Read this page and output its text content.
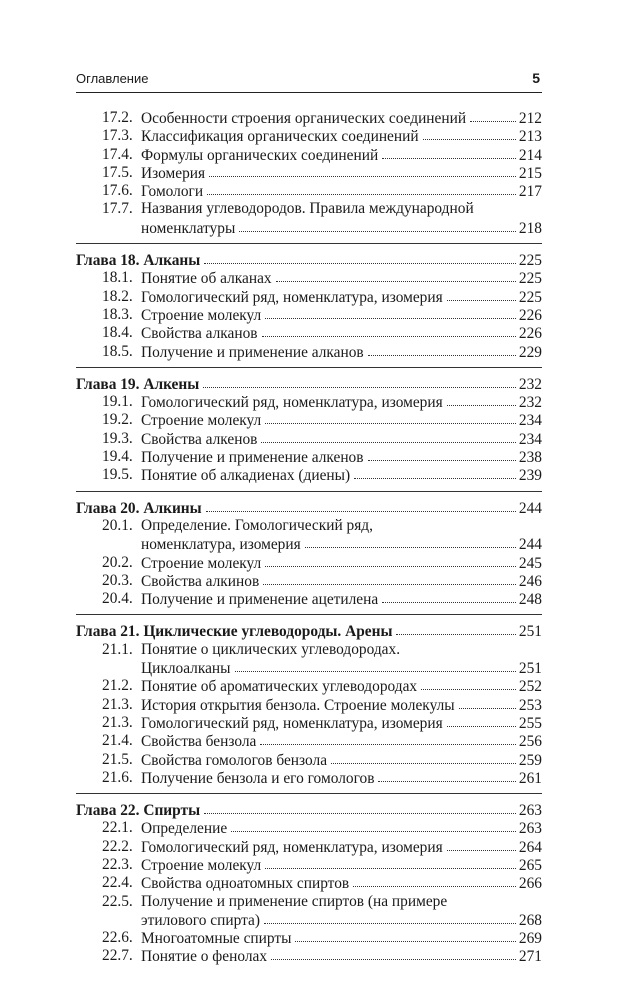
Оглавление	5
17.2. Особенности строения органических соединений	212
17.3. Классификация органических соединений	213
17.4. Формулы органических соединений	214
17.5. Изомерия	215
17.6. Гомологи	217
17.7. Названия углеводородов. Правила международной
номенклатуры	218
Глава 18. Алканы	225
18.1. Понятие об алканах	225
18.2. Гомологический ряд, номенклатура, изомерия	225
18.3. Строение молекул	226
18.4. Свойства алканов	226
18.5. Получение и применение алканов	229
Глава 19. Алкены	232
19.1. Гомологический ряд, номенклатура, изомерия	232
19.2. Строение молекул	234
19.3. Свойства алкенов	234
19.4. Получение и применение алкенов	238
19.5. Понятие об алкадиенах (диены)	239
Глава 20. Алкины	244
20.1. Определение. Гомологический ряд,
номенклатура, изомерия	244
20.2. Строение молекул	245
20.3. Свойства алкинов	246
20.4. Получение и применение ацетилена	248
Глава 21. Циклические углеводороды. Арены	251
21.1. Понятие о циклических углеводородах.
Циклоалканы	251
21.2. Понятие об ароматических углеводородах	252
21.3. История открытия бензола. Строение молекулы	253
21.3. Гомологический ряд, номенклатура, изомерия	255
21.4. Свойства бензола	256
21.5. Свойства гомологов бензола	259
21.6. Получение бензола и его гомологов	261
Глава 22. Спирты	263
22.1. Определение	263
22.2. Гомологический ряд, номенклатура, изомерия	264
22.3. Строение молекул	265
22.4. Свойства одноатомных спиртов	266
22.5. Получение и применение спиртов (на примере
этилового спирта)	268
22.6. Многоатомные спирты	269
22.7. Понятие о фенолах	271
